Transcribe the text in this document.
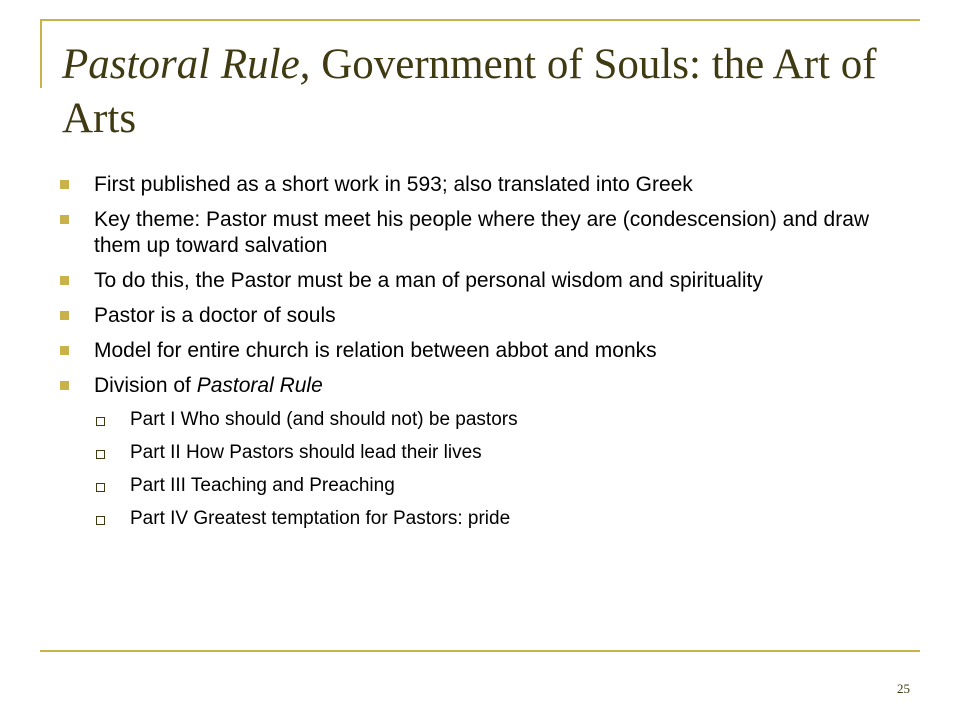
Pastoral Rule, Government of Souls: the Art of Arts
First published as a short work in 593; also translated into Greek
Key theme: Pastor must meet his people where they are (condescension) and draw them up toward salvation
To do this, the Pastor must be a man of personal wisdom and spirituality
Pastor is a doctor of souls
Model for entire church is relation between abbot and monks
Division of Pastoral Rule
Part I Who should (and should not) be pastors
Part II How Pastors should lead their lives
Part III Teaching and Preaching
Part IV Greatest temptation for Pastors: pride
25
